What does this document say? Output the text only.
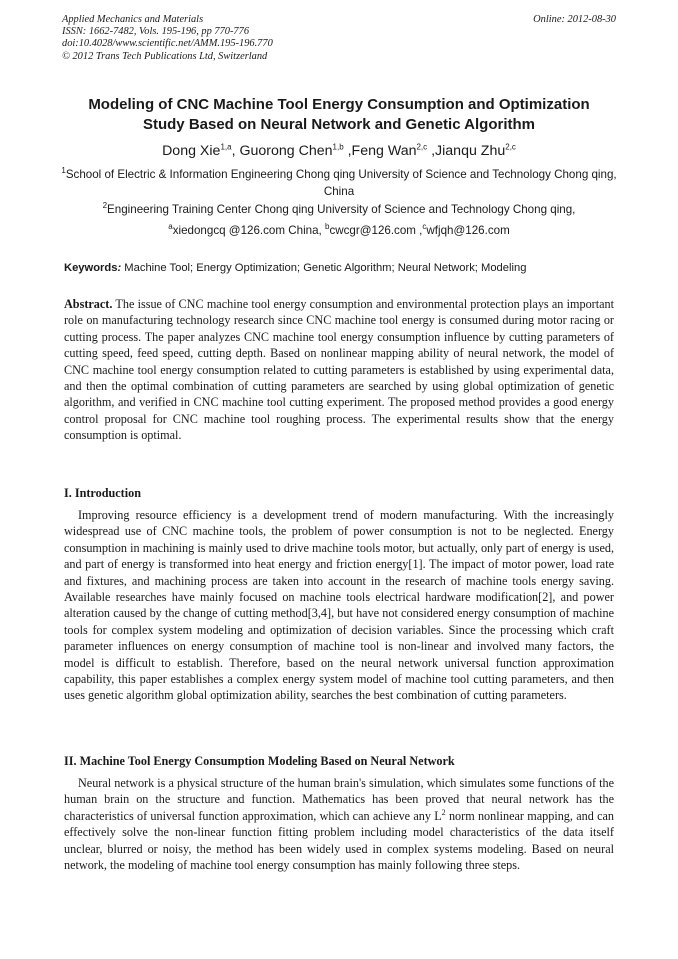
Applied Mechanics and Materials
ISSN: 1662-7482, Vols. 195-196, pp 770-776
doi:10.4028/www.scientific.net/AMM.195-196.770
© 2012 Trans Tech Publications Ltd, Switzerland
Online: 2012-08-30
Modeling of CNC Machine Tool Energy Consumption and Optimization
Study Based on Neural Network and Genetic Algorithm
Dong Xie$^{1,a}$, Guorong Chen$^{1,b}$ ,Feng Wan$^{2,c}$ ,Jianqu Zhu$^{2,c}$
$^1$School of Electric & Information Engineering Chong qing University of Science and Technology Chong qing, China
$^2$Engineering Training Center Chong qing University of Science and Technology Chong qing,
$^a$xiedongcq @126.com China, $^b$cwcgr@126.com ,$^c$wfjqh@126.com
Keywords: Machine Tool; Energy Optimization; Genetic Algorithm; Neural Network; Modeling
Abstract. The issue of CNC machine tool energy consumption and environmental protection plays an important role on manufacturing technology research since CNC machine tool energy is consumed during motor racing or cutting process. The paper analyzes CNC machine tool energy consumption influence by cutting parameters of cutting speed, feed speed, cutting depth. Based on nonlinear mapping ability of neural network, the model of CNC machine tool energy consumption related to cutting parameters is established by using experimental data, and then the optimal combination of cutting parameters are searched by using global optimization of genetic algorithm, and verified in CNC machine tool cutting experiment. The proposed method provides a good energy control proposal for CNC machine tool roughing process. The experimental results show that the energy consumption is optimal.
I. Introduction
Improving resource efficiency is a development trend of modern manufacturing. With the increasingly widespread use of CNC machine tools, the problem of power consumption is not to be neglected. Energy consumption in machining is mainly used to drive machine tools motor, but actually, only part of energy is used, and part of energy is transformed into heat energy and friction energy[1]. The impact of motor power, load rate and fixtures, and machining process are taken into account in the research of machine tools energy saving. Available researches have mainly focused on machine tools electrical hardware modification[2], and power alteration caused by the change of cutting method[3,4], but have not considered energy consumption of machine tools for complex system modeling and optimization of decision variables. Since the processing which craft parameter influences on energy consumption of machine tool is non-linear and involved many factors, the model is difficult to establish. Therefore, based on the neural network universal function approximation capability, this paper establishes a complex energy system model of machine tool cutting parameters, and then uses genetic algorithm global optimization ability, searches the best combination of cutting parameters.
II. Machine Tool Energy Consumption Modeling Based on Neural Network
Neural network is a physical structure of the human brain's simulation, which simulates some functions of the human brain on the structure and function. Mathematics has been proved that neural network has the characteristics of universal function approximation, which can achieve any $L^2$ norm nonlinear mapping, and can effectively solve the non-linear function fitting problem including model characteristics of the data itself unclear, blurred or noisy, the method has been widely used in complex systems modeling. Based on neural network, the modeling of machine tool energy consumption has mainly following three steps.
